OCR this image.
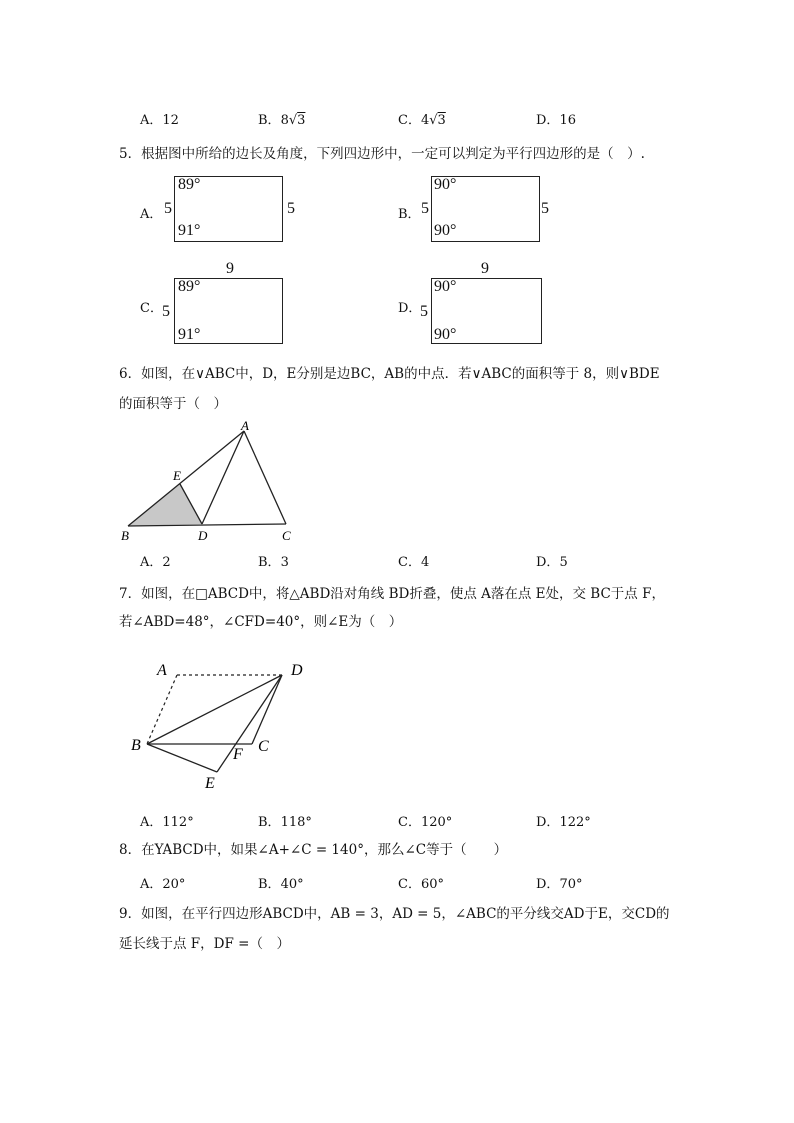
A．12	B．8√3	C．4√3	D．16
5．根据图中所给的边长及角度，下列四边形中，一定可以判定为平行四边形的是（　）.
A． 5
89°
91°
5	B． 5
90°
90°
5
9
C． 5
89°
91°
9
D．
5
90°
90°
6．如图，在∨ABC中，D，E分别是边BC，AB的中点．若∨ABC的面积等于 8，则∨BDE
的面积等于（　）
A
B	C
D
E
A．2	B．3	C．4	D．5
7．如图，在□ABCD中，将△ABD沿对角线 BD折叠，使点 A落在点 E处，交 BC于点 F，
若∠ABD=48°，∠CFD=40°，则∠E为（　）
A	D
B	C
F
E
A．112°	B．118°	C．120°	D．122°
8．在YABCD中，如果∠A+∠C = 140°，那么∠C等于（　　）
A．20°	B．40°	C．60°	D．70°
9．如图，在平行四边形ABCD中，AB = 3，AD = 5，∠ABC的平分线交AD于E，交CD的
延长线于点 F，DF =（　）
